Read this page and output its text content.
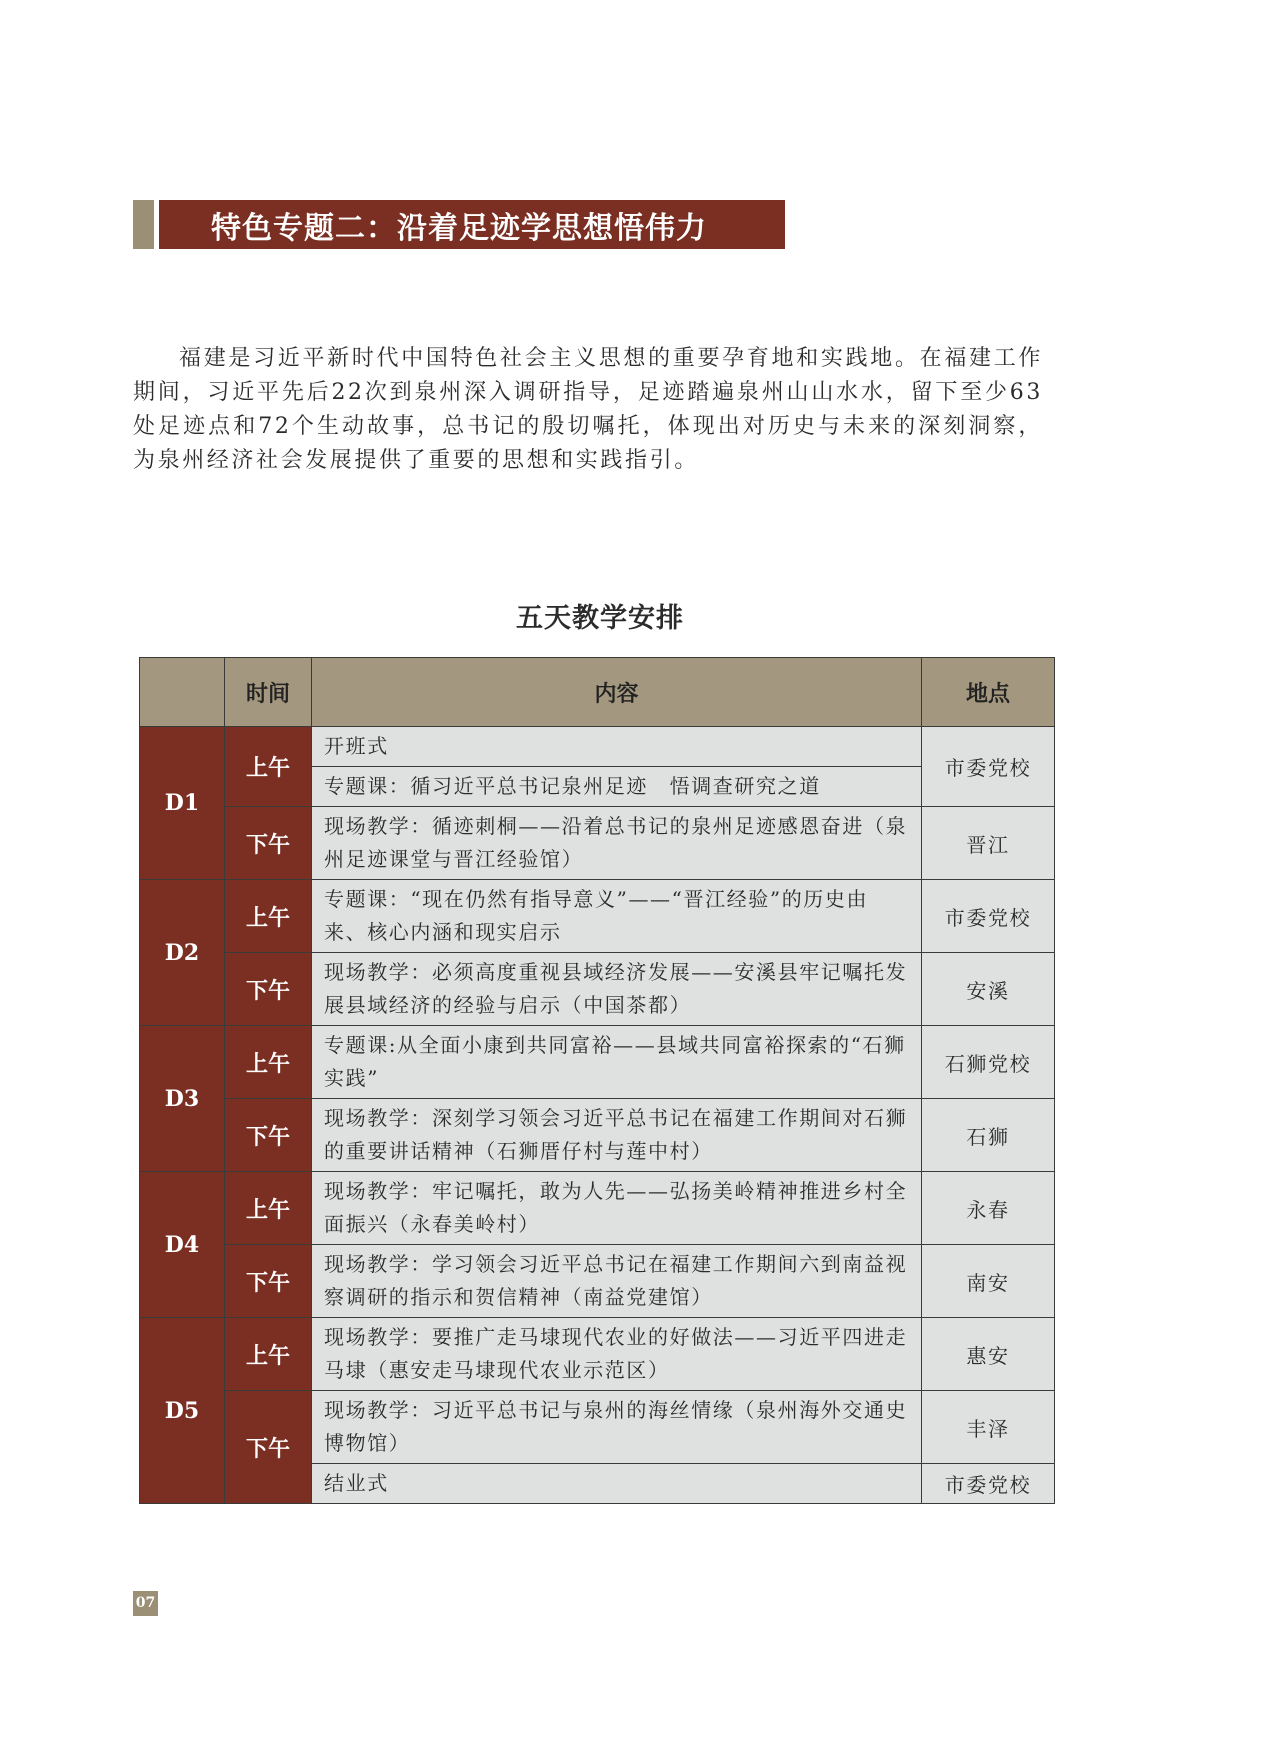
特色专题二：沿着足迹学思想悟伟力

福建是习近平新时代中国特色社会主义思想的重要孕育地和实践地。在福建工作期间，习近平先后22次到泉州深入调研指导，足迹踏遍泉州山山水水，留下至少63处足迹点和72个生动故事，总书记的殷切嘱托，体现出对历史与未来的深刻洞察，为泉州经济社会发展提供了重要的思想和实践指引。

五天教学安排
	时间	内容	地点
D1	上午	开班式	市委党校
		专题课：循习近平总书记泉州足迹　悟调查研究之道	
	下午	现场教学：循迹刺桐——沿着总书记的泉州足迹感恩奋进（泉州足迹课堂与晋江经验馆）	晋江
D2	上午	专题课：“现在仍然有指导意义”——“晋江经验”的历史由来、核心内涵和现实启示	市委党校
	下午	现场教学：必须高度重视县域经济发展——安溪县牢记嘱托发展县域经济的经验与启示（中国茶都）	安溪
D3	上午	专题课:从全面小康到共同富裕——县域共同富裕探索的“石狮实践”	石狮党校
	下午	现场教学：深刻学习领会习近平总书记在福建工作期间对石狮的重要讲话精神（石狮厝仔村与莲中村）	石狮
D4	上午	现场教学：牢记嘱托，敢为人先——弘扬美岭精神推进乡村全面振兴（永春美岭村）	永春
	下午	现场教学：学习领会习近平总书记在福建工作期间六到南益视察调研的指示和贺信精神（南益党建馆）	南安
D5	上午	现场教学：要推广走马埭现代农业的好做法——习近平四进走马埭（惠安走马埭现代农业示范区）	惠安
	下午	现场教学：习近平总书记与泉州的海丝情缘（泉州海外交通史博物馆）	丰泽
		结业式	市委党校
07
